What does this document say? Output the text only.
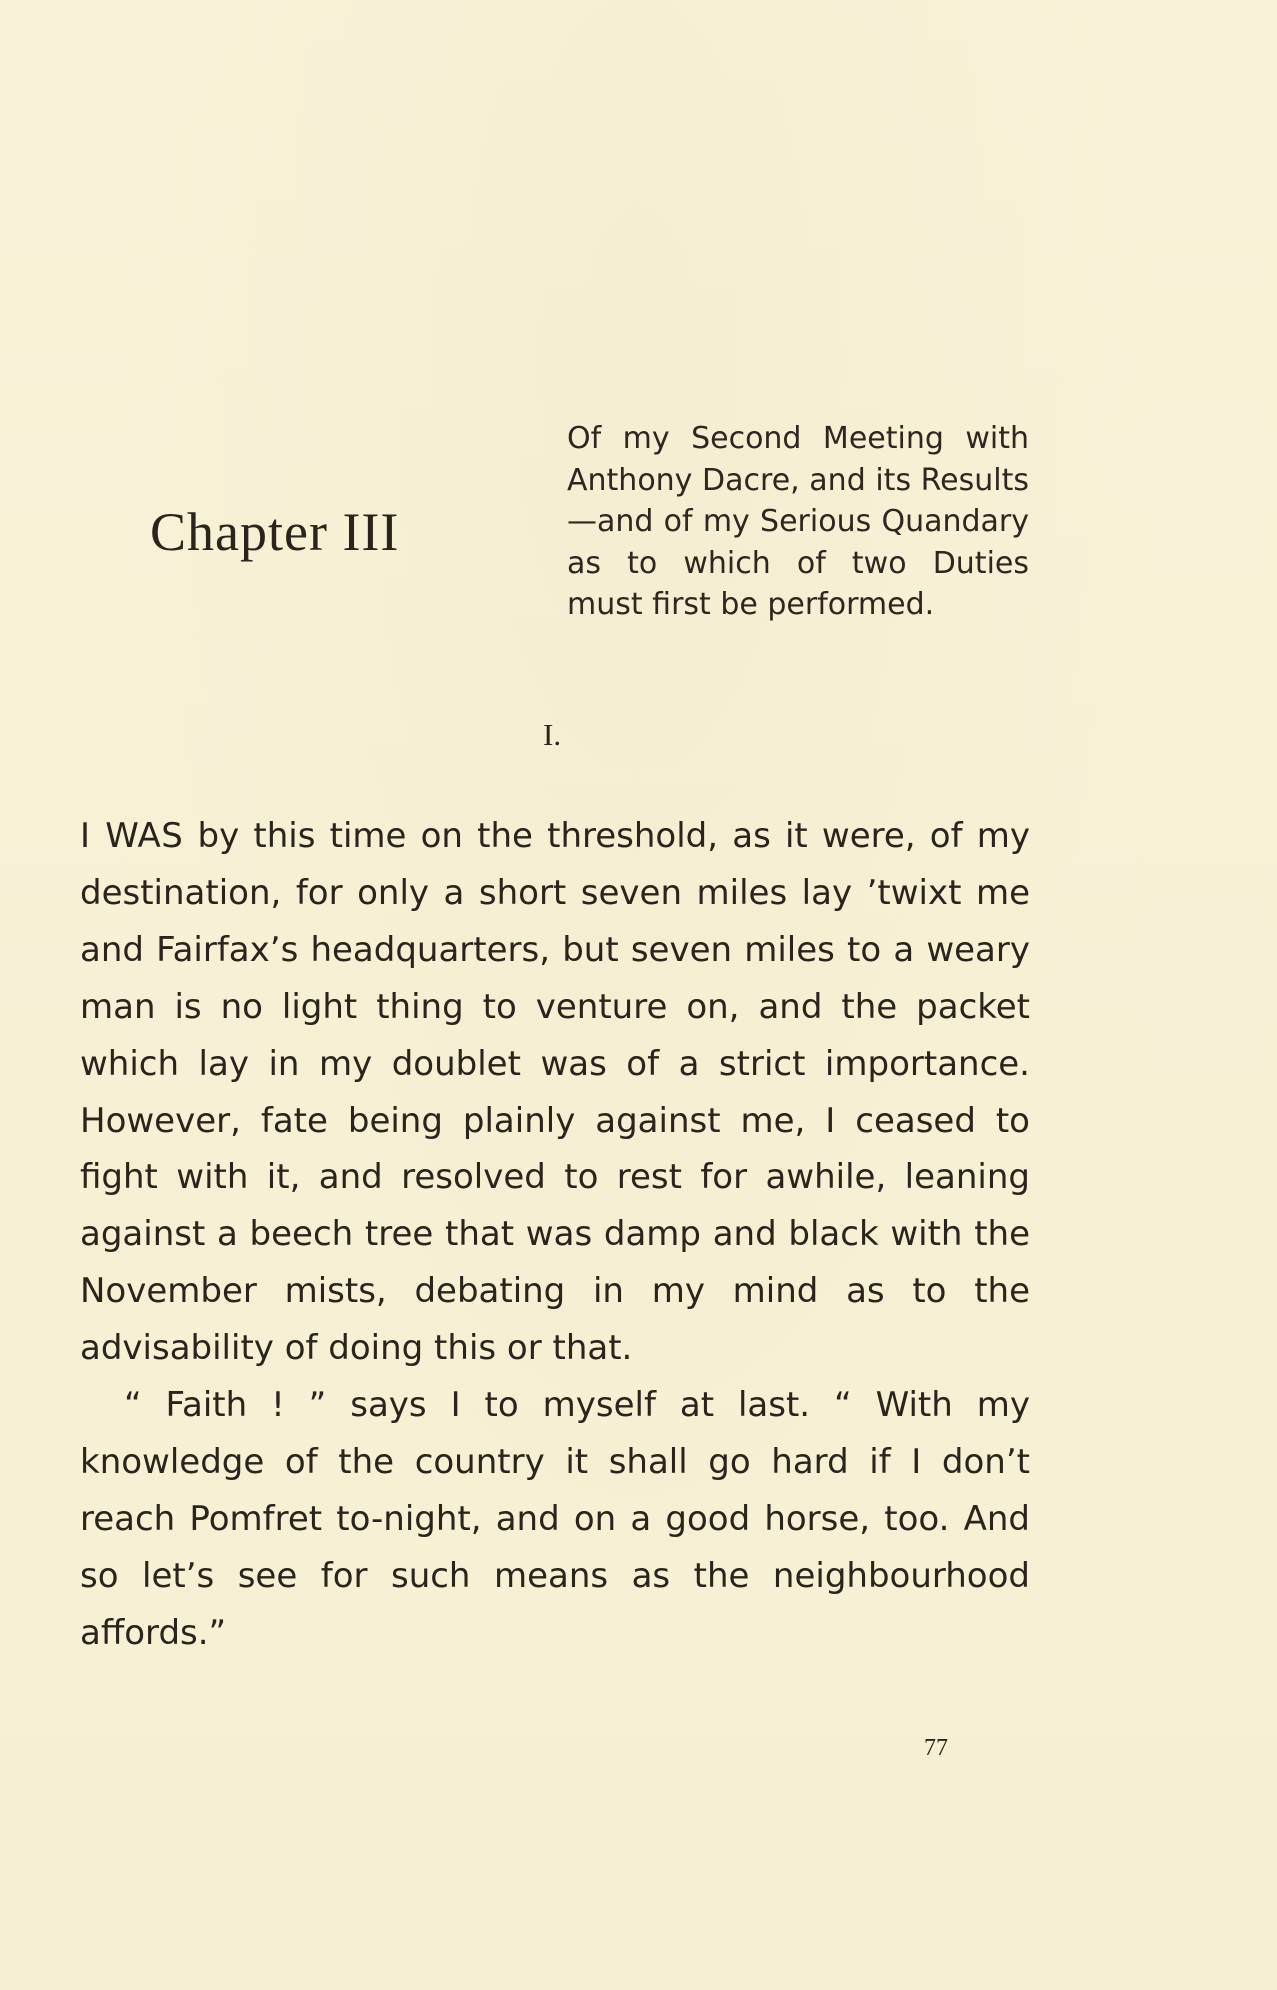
Chapter III
Of my Second Meeting with Anthony Dacre, and its Results—and of my Serious Quandary as to which of two Duties must first be performed.
I.

I WAS by this time on the threshold, as it were, of my destination, for only a short seven miles lay ’twixt me and Fairfax’s headquarters, but seven miles to a weary man is no light thing to venture on, and the packet which lay in my doublet was of a strict importance. However, fate being plainly against me, I ceased to fight with it, and resolved to rest for awhile, leaning against a beech tree that was damp and black with the November mists, debating in my mind as to the advisability of doing this or that.

“ Faith ! ” says I to myself at last. “ With my knowledge of the country it shall go hard if I don’t reach Pomfret to-night, and on a good horse, too. And so let’s see for such means as the neighbourhood affords.”

77
